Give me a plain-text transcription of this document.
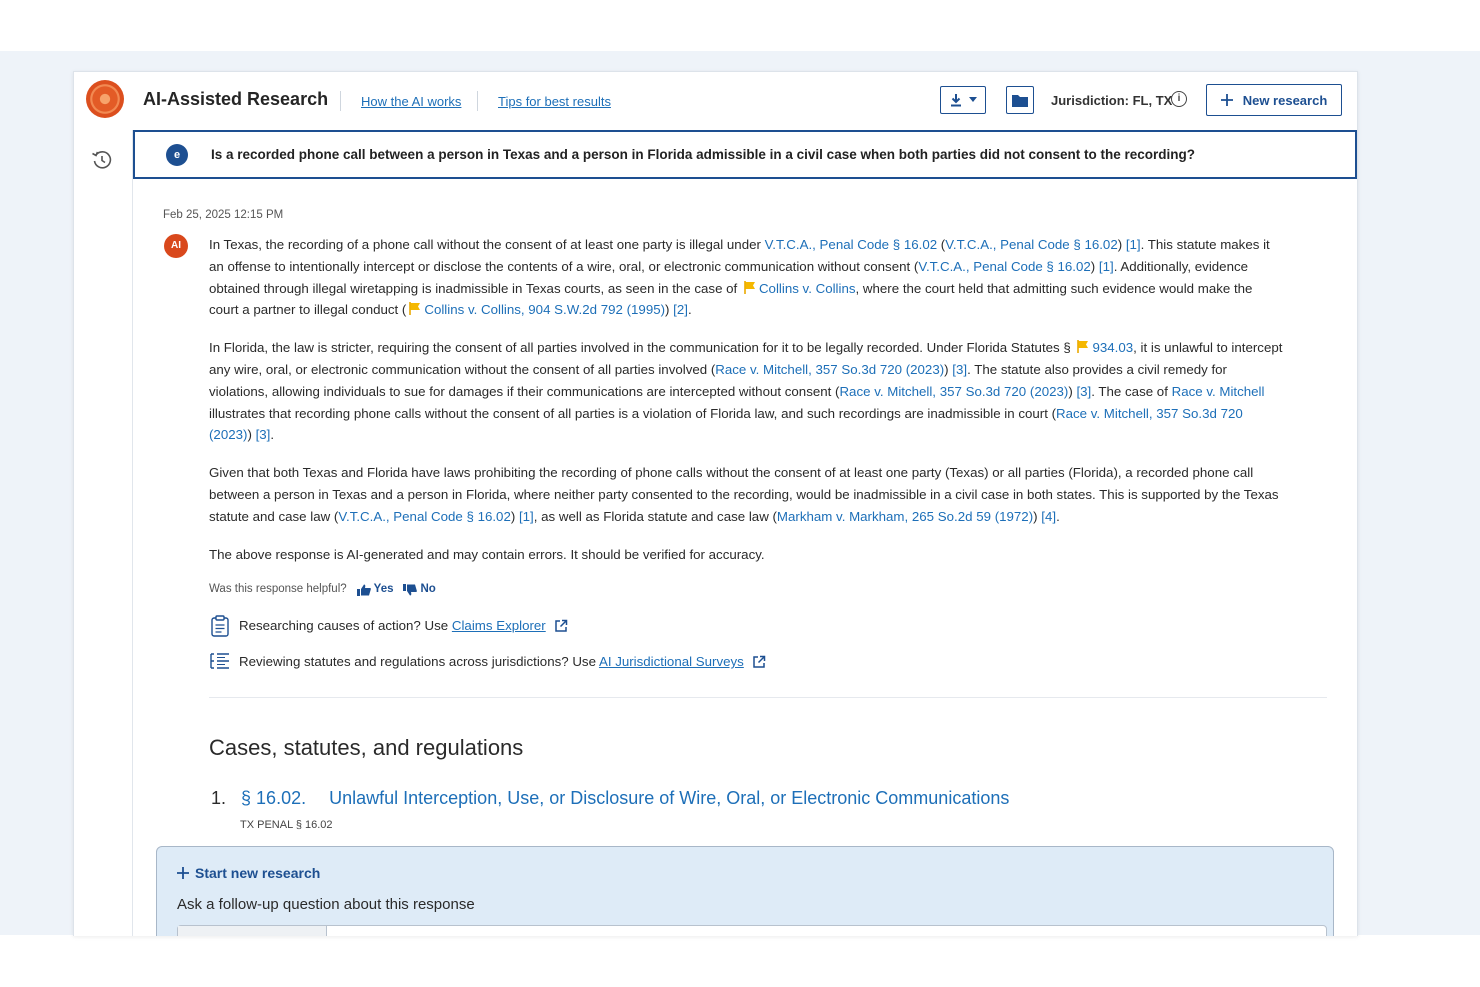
AI-Assisted Research	How the AI works	Tips for best results	Jurisdiction: FL, TX i	New research
e	Is a recorded phone call between a person in Texas and a person in Florida admissible in a civil case when both parties did not consent to the recording?
Feb 25, 2025 12:15 PM
AI	In Texas, the recording of a phone call without the consent of at least one party is illegal under V.T.C.A., Penal Code § 16.02 (V.T.C.A., Penal Code § 16.02) [1]. This statute makes it an offense to intentionally intercept or disclose the contents of a wire, oral, or electronic communication without consent (V.T.C.A., Penal Code § 16.02) [1]. Additionally, evidence obtained through illegal wiretapping is inadmissible in Texas courts, as seen in the case of Collins v. Collins, where the court held that admitting such evidence would make the court a partner to illegal conduct ( Collins v. Collins, 904 S.W.2d 792 (1995)) [2].

In Florida, the law is stricter, requiring the consent of all parties involved in the communication for it to be legally recorded. Under Florida Statutes § 934.03, it is unlawful to intercept any wire, oral, or electronic communication without the consent of all parties involved (Race v. Mitchell, 357 So.3d 720 (2023)) [3]. The statute also provides a civil remedy for violations, allowing individuals to sue for damages if their communications are intercepted without consent (Race v. Mitchell, 357 So.3d 720 (2023)) [3]. The case of Race v. Mitchell illustrates that recording phone calls without the consent of all parties is a violation of Florida law, and such recordings are inadmissible in court (Race v. Mitchell, 357 So.3d 720 (2023)) [3].

Given that both Texas and Florida have laws prohibiting the recording of phone calls without the consent of at least one party (Texas) or all parties (Florida), a recorded phone call between a person in Texas and a person in Florida, where neither party consented to the recording, would be inadmissible in a civil case in both states. This is supported by the Texas statute and case law (V.T.C.A., Penal Code § 16.02) [1], as well as Florida statute and case law (Markham v. Markham, 265 So.2d 59 (1972)) [4].

The above response is AI-generated and may contain errors. It should be verified for accuracy.

Was this response helpful? Yes No
Researching causes of action? Use Claims Explorer
Reviewing statutes and regulations across jurisdictions? Use AI Jurisdictional Surveys
Cases, statutes, and regulations
1. § 16.02. Unlawful Interception, Use, or Disclosure of Wire, Oral, or Electronic Communications
TX PENAL § 16.02
Start new research
Ask a follow-up question about this response
